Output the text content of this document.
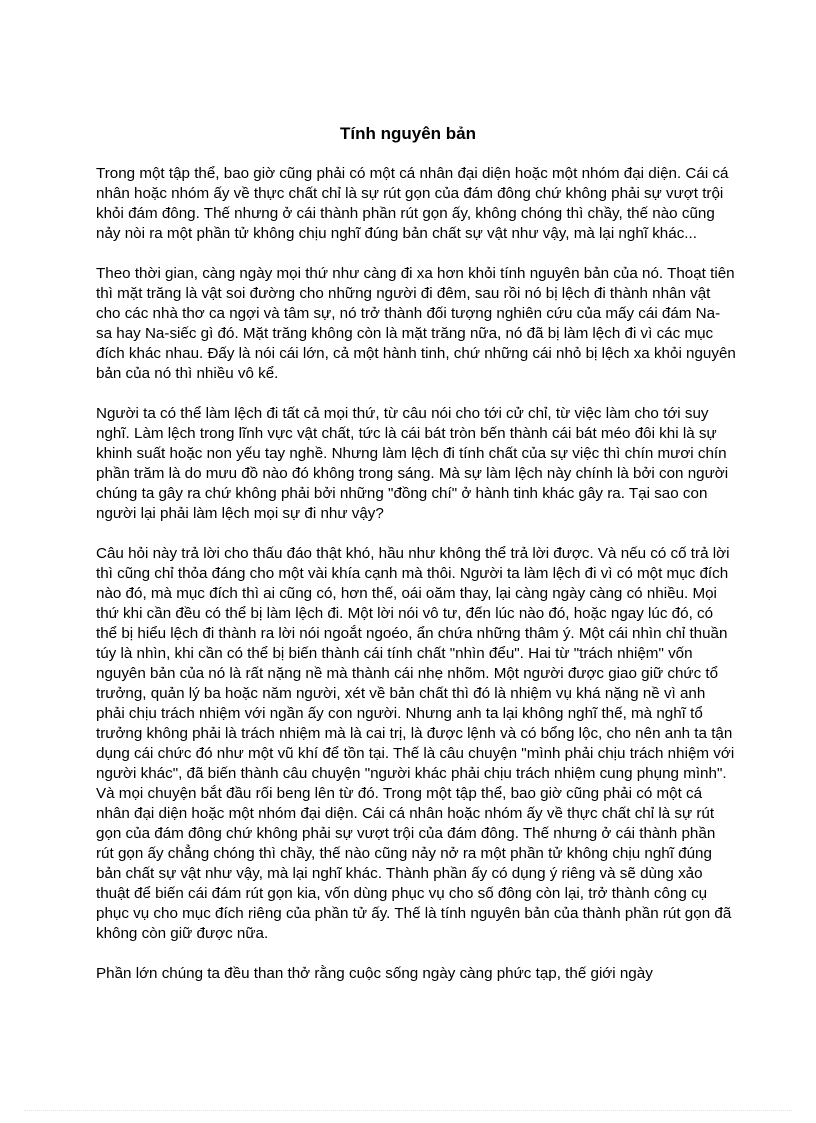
Tính nguyên bản

Trong một tập thể, bao giờ cũng phải có một cá nhân đại diện hoặc một nhóm đại diện. Cái cá nhân hoặc nhóm ấy về thực chất chỉ là sự rút gọn của đám đông chứ không phải sự vượt trội khỏi đám đông. Thế nhưng ở cái thành phần rút gọn ấy, không chóng thì chầy, thế nào cũng nảy nòi ra một phần tử không chịu nghĩ đúng bản chất sự vật như vậy, mà lại nghĩ khác...

Theo thời gian, càng ngày mọi thứ như càng đi xa hơn khỏi tính nguyên bản của nó. Thoạt tiên thì mặt trăng là vật soi đường cho những người đi đêm, sau rồi nó bị lệch đi thành nhân vật cho các nhà thơ ca ngợi và tâm sự, nó trở thành đối tượng nghiên cứu của mấy cái đám Na-sa hay Na-siếc gì đó. Mặt trăng không còn là mặt trăng nữa, nó đã bị làm lệch đi vì các mục đích khác nhau. Đấy là nói cái lớn, cả một hành tinh, chứ những cái nhỏ bị lệch xa khỏi nguyên bản của nó thì nhiều vô kể.

Người ta có thể làm lệch đi tất cả mọi thứ, từ câu nói cho tới cử chỉ, từ việc làm cho tới suy nghĩ. Làm lệch trong lĩnh vực vật chất, tức là cái bát tròn bến thành cái bát méo đôi khi là sự khinh suất hoặc non yếu tay nghề. Nhưng làm lệch đi tính chất của sự việc thì chín mươi chín phần trăm là do mưu đồ nào đó không trong sáng. Mà sự làm lệch này chính là bởi con người chúng ta gây ra chứ không phải bởi những "đồng chí" ở hành tinh khác gây ra. Tại sao con người lại phải làm lệch mọi sự đi như vậy?

Câu hỏi này trả lời cho thấu đáo thật khó, hầu như không thể trả lời được. Và nếu có cố trả lời thì cũng chỉ thỏa đáng cho một vài khía cạnh mà thôi. Người ta làm lệch đi vì có một mục đích nào đó, mà mục đích thì ai cũng có, hơn thế, oái oăm thay, lại càng ngày càng có nhiều. Mọi thứ khi cần đều có thể bị làm lệch đi. Một lời nói vô tư, đến lúc nào đó, hoặc ngay lúc đó, có thể bị hiểu lệch đi thành ra lời nói ngoắt ngoéo, ẩn chứa những thâm ý. Một cái nhìn chỉ thuần túy là nhìn, khi cần có thể bị biến thành cái tính chất "nhìn đểu". Hai từ "trách nhiệm" vốn nguyên bản của nó là rất nặng nề mà thành cái nhẹ nhõm. Một người được giao giữ chức tổ trưởng, quản lý ba hoặc năm người, xét về bản chất thì đó là nhiệm vụ khá nặng nề vì anh phải chịu trách nhiệm với ngần ấy con người. Nhưng anh ta lại không nghĩ thế, mà nghĩ tổ trưởng không phải là trách nhiệm mà là cai trị, là được lệnh và có bổng lộc, cho nên anh ta tận dụng cái chức đó như một vũ khí để tồn tại. Thế là câu chuyện "mình phải chịu trách nhiệm với người khác", đã biến thành câu chuyện "người khác phải chịu trách nhiệm cung phụng mình". Và mọi chuyện bắt đầu rối beng lên từ đó. Trong một tập thể, bao giờ cũng phải có một cá nhân đại diện hoặc một nhóm đại diện. Cái cá nhân hoặc nhóm ấy về thực chất chỉ là sự rút gọn của đám đông chứ không phải sự vượt trội của đám đông. Thế nhưng ở cái thành phần rút gọn ấy chẳng chóng thì chầy, thế nào cũng nảy nở ra một phần tử không chịu nghĩ đúng bản chất sự vật như vậy, mà lại nghĩ khác. Thành phần ấy có dụng ý riêng và sẽ dùng xảo thuật để biến cái đám rút gọn kia, vốn dùng phục vụ cho số đông còn lại, trở thành công cụ phục vụ cho mục đích riêng của phần tử ấy. Thế là tính nguyên bản của thành phần rút gọn đã không còn giữ được nữa.

Phần lớn chúng ta đều than thở rằng cuộc sống ngày càng phức tạp, thế giới ngày
